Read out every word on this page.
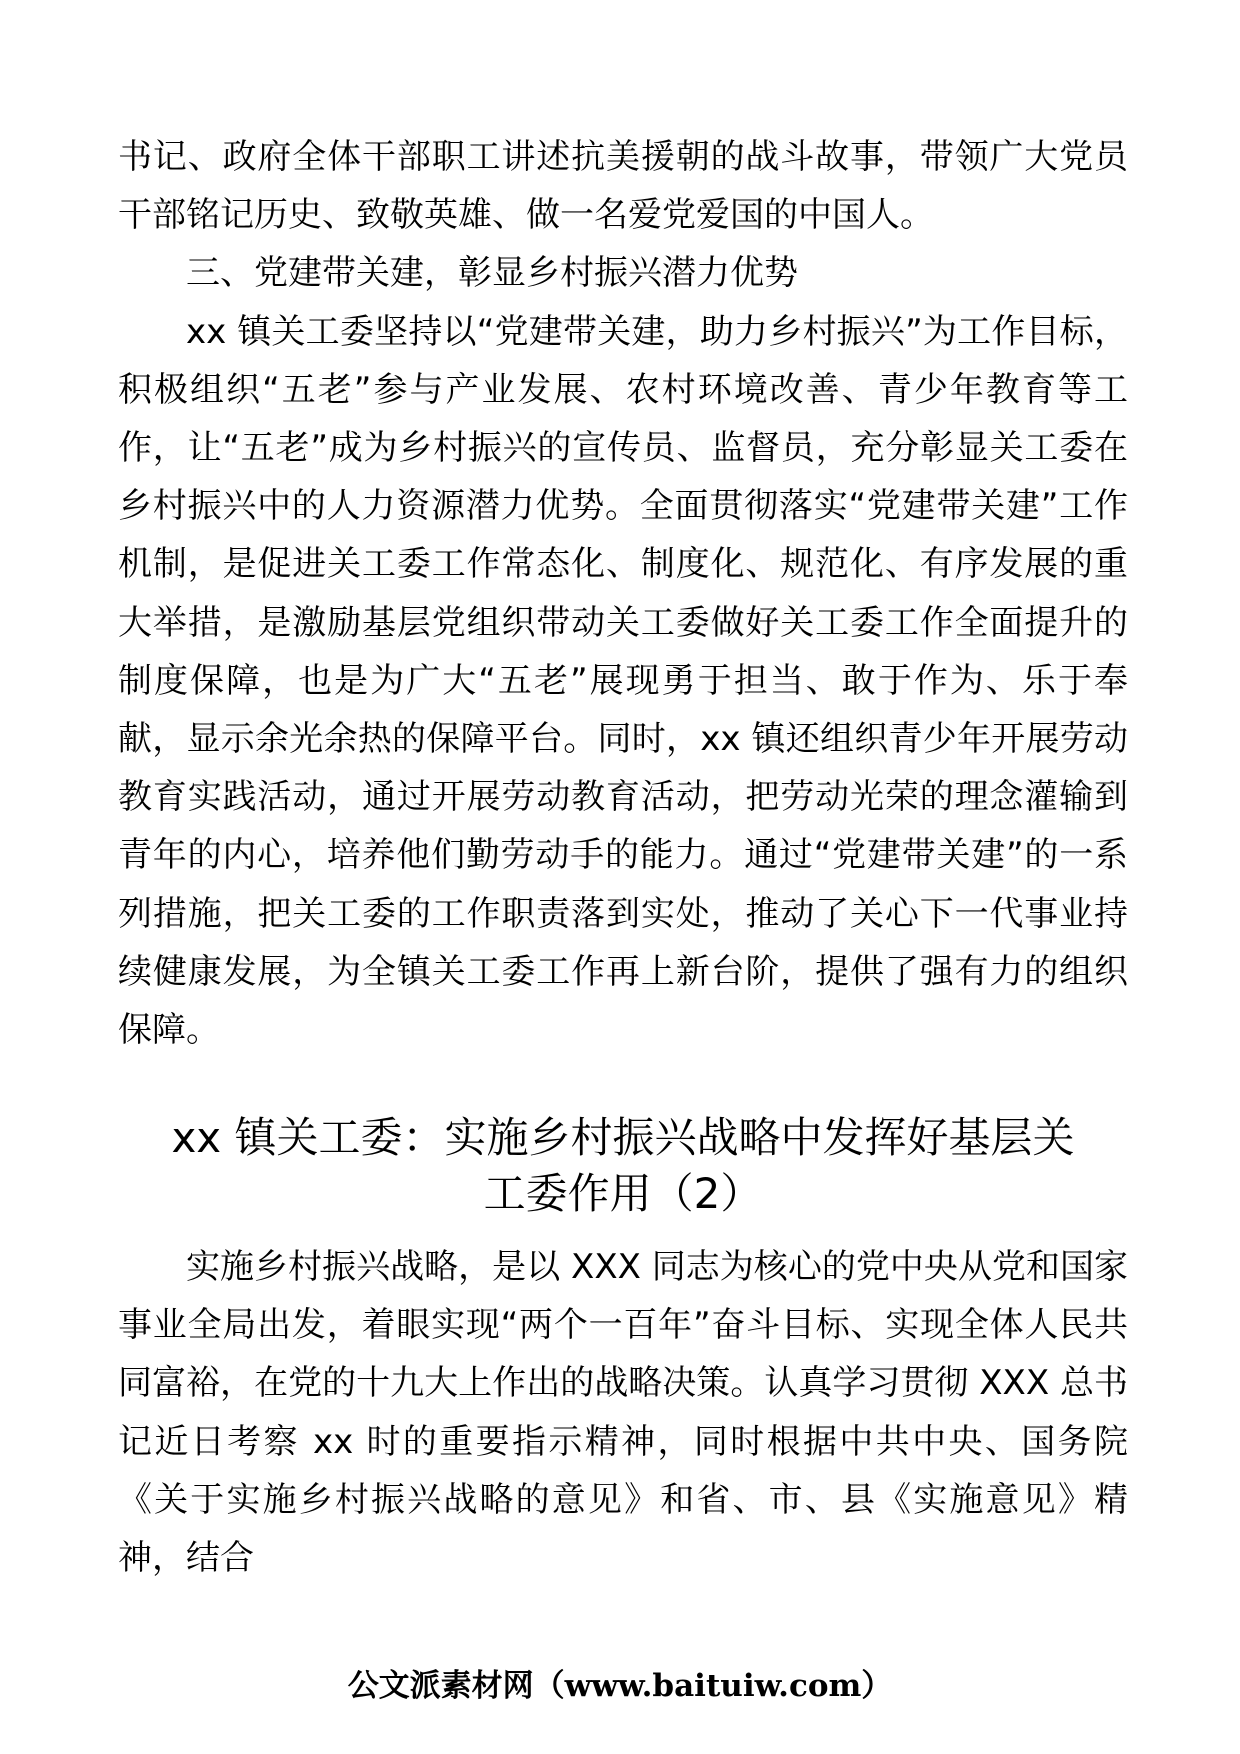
书记、政府全体干部职工讲述抗美援朝的战斗故事，带领广大党员干部铭记历史、致敬英雄、做一名爱党爱国的中国人。

三、党建带关建，彰显乡村振兴潜力优势

xx 镇关工委坚持以“党建带关建，助力乡村振兴”为工作目标，积极组织“五老”参与产业发展、农村环境改善、青少年教育等工作，让“五老”成为乡村振兴的宣传员、监督员，充分彰显关工委在乡村振兴中的人力资源潜力优势。全面贯彻落实“党建带关建”工作机制，是促进关工委工作常态化、制度化、规范化、有序发展的重大举措，是激励基层党组织带动关工委做好关工委工作全面提升的制度保障，也是为广大“五老”展现勇于担当、敢于作为、乐于奉献，显示余光余热的保障平台。同时，xx 镇还组织青少年开展劳动教育实践活动，通过开展劳动教育活动，把劳动光荣的理念灌输到青年的内心，培养他们勤劳动手的能力。通过“党建带关建”的一系列措施，把关工委的工作职责落到实处，推动了关心下一代事业持续健康发展，为全镇关工委工作再上新台阶，提供了强有力的组织保障。

xx 镇关工委：实施乡村振兴战略中发挥好基层关
工委作用（2）

实施乡村振兴战略，是以 XXX 同志为核心的党中央从党和国家事业全局出发，着眼实现“两个一百年”奋斗目标、实现全体人民共同富裕，在党的十九大上作出的战略决策。认真学习贯彻 XXX 总书记近日考察 xx 时的重要指示精神，同时根据中共中央、国务院《关于实施乡村振兴战略的意见》和省、市、县《实施意见》精神，结合

公文派素材网（www.baituiw.com）
